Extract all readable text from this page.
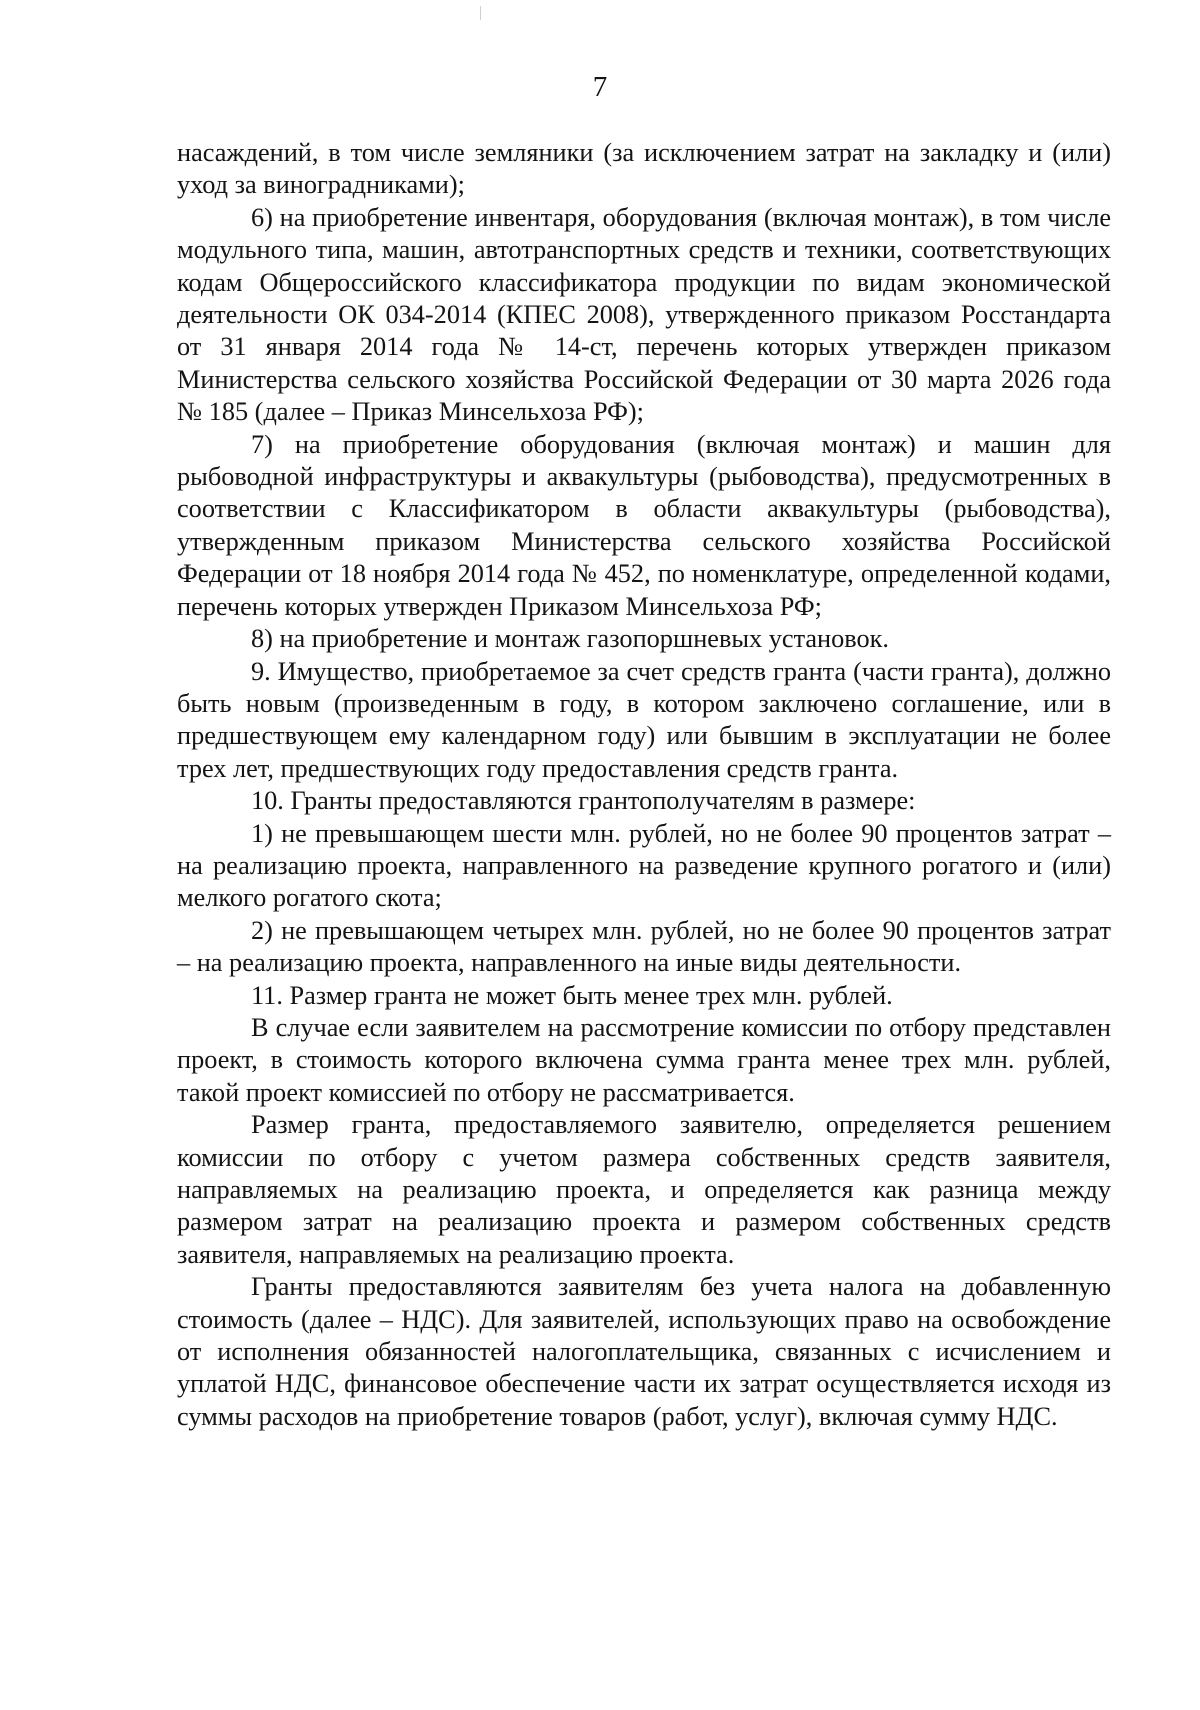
7

насаждений, в том числе земляники (за исключением затрат на закладку и (или) уход за виноградниками);

6) на приобретение инвентаря, оборудования (включая монтаж), в том числе модульного типа, машин, автотранспортных средств и техники, соответствующих кодам Общероссийского классификатора продукции по видам экономической деятельности ОК 034-2014 (КПЕС 2008), утвержденного приказом Росстандарта от 31 января 2014 года № 14-ст, перечень которых утвержден приказом Министерства сельского хозяйства Российской Федерации от 30 марта 2026 года № 185 (далее – Приказ Минсельхоза РФ);

7) на приобретение оборудования (включая монтаж) и машин для рыбоводной инфраструктуры и аквакультуры (рыбоводства), предусмотренных в соответствии с Классификатором в области аквакультуры (рыбоводства), утвержденным приказом Министерства сельского хозяйства Российской Федерации от 18 ноября 2014 года № 452, по номенклатуре, определенной кодами, перечень которых утвержден Приказом Минсельхоза РФ;

8) на приобретение и монтаж газопоршневых установок.

9. Имущество, приобретаемое за счет средств гранта (части гранта), должно быть новым (произведенным в году, в котором заключено соглашение, или в предшествующем ему календарном году) или бывшим в эксплуатации не более трех лет, предшествующих году предоставления средств гранта.

10. Гранты предоставляются грантополучателям в размере:

1) не превышающем шести млн. рублей, но не более 90 процентов затрат – на реализацию проекта, направленного на разведение крупного рогатого и (или) мелкого рогатого скота;

2) не превышающем четырех млн. рублей, но не более 90 процентов затрат – на реализацию проекта, направленного на иные виды деятельности.

11. Размер гранта не может быть менее трех млн. рублей.

В случае если заявителем на рассмотрение комиссии по отбору представлен проект, в стоимость которого включена сумма гранта менее трех млн. рублей, такой проект комиссией по отбору не рассматривается.

Размер гранта, предоставляемого заявителю, определяется решением комиссии по отбору с учетом размера собственных средств заявителя, направляемых на реализацию проекта, и определяется как разница между размером затрат на реализацию проекта и размером собственных средств заявителя, направляемых на реализацию проекта.

Гранты предоставляются заявителям без учета налога на добавленную стоимость (далее – НДС). Для заявителей, использующих право на освобождение от исполнения обязанностей налогоплательщика, связанных с исчислением и уплатой НДС, финансовое обеспечение части их затрат осуществляется исходя из суммы расходов на приобретение товаров (работ, услуг), включая сумму НДС.
